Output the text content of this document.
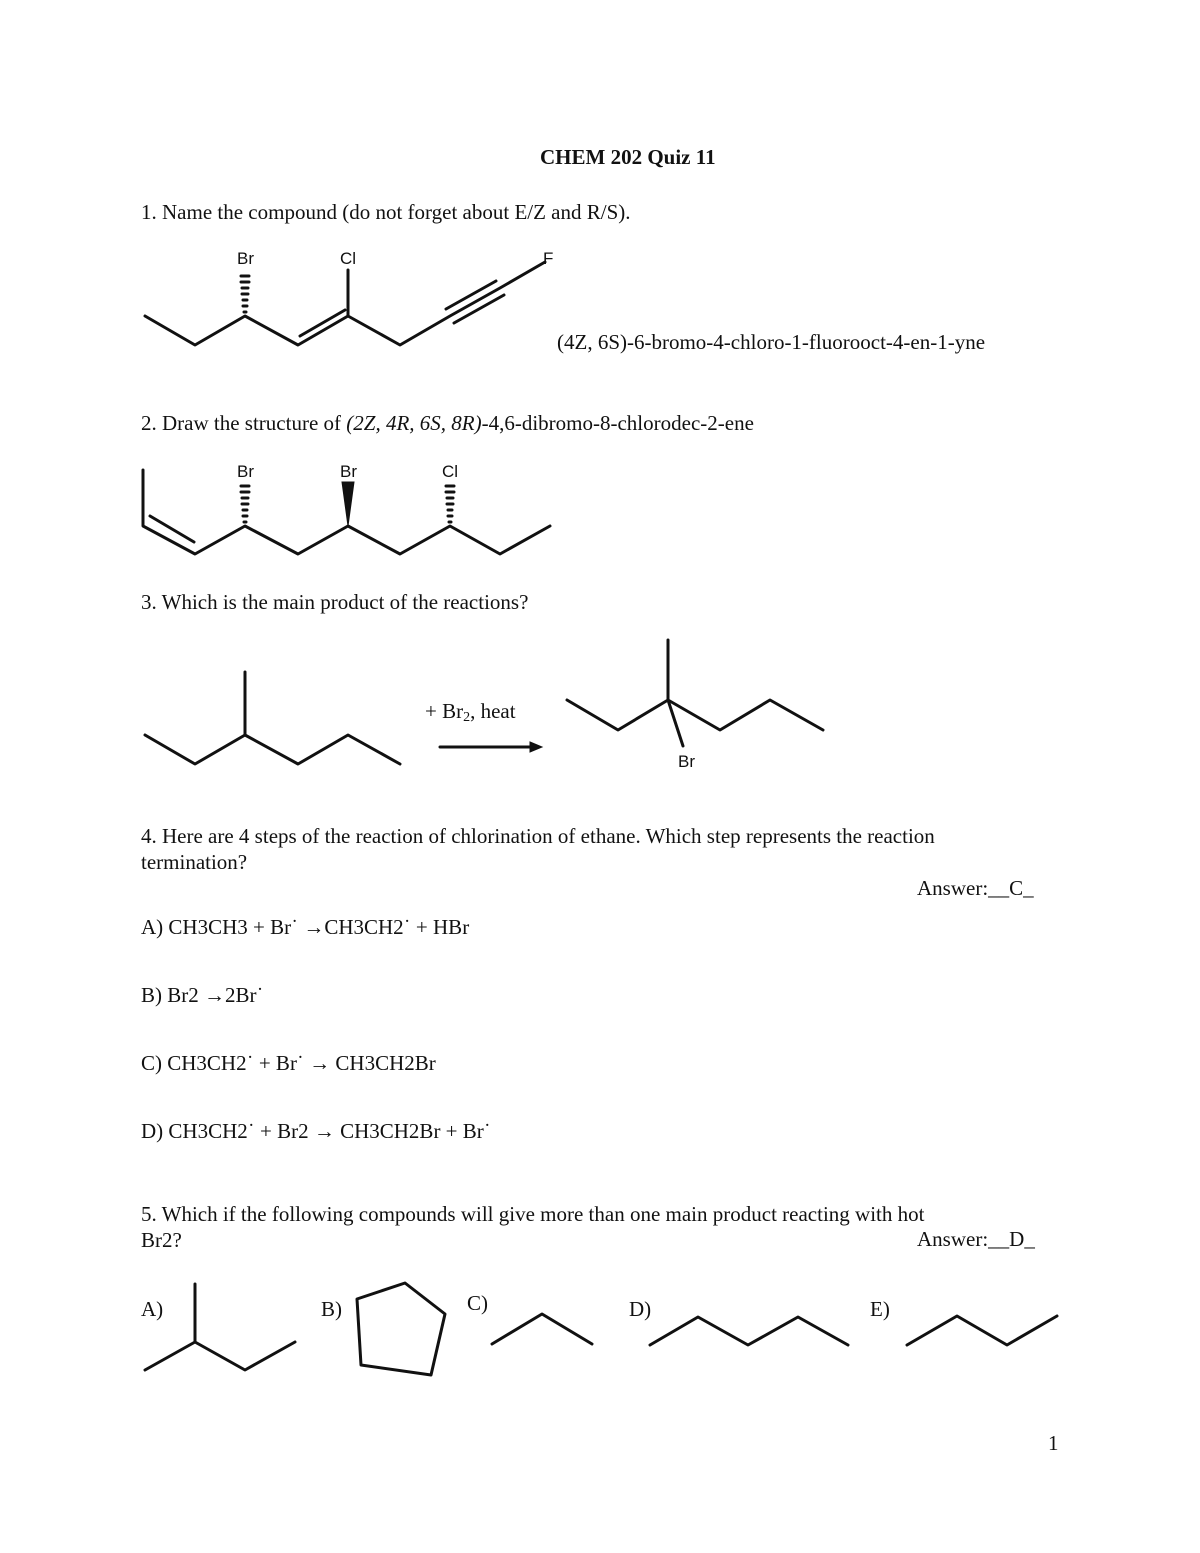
CHEM 202 Quiz 11
1. Name the compound (do not forget about E/Z and R/S).
Br	Cl	F
(4Z, 6S)-6-bromo-4-chloro-1-fluorooct-4-en-1-yne
2. Draw the structure of (2Z, 4R, 6S, 8R)-4,6-dibromo-8-chlorodec-2-ene
Br	Br	Cl
3. Which is the main product of the reactions?
+ $Br_2$, heat
Br
4. Here are 4 steps of the reaction of chlorination of ethane. Which step represents the reaction
termination?
Answer:__C_
A) CH3CH3 + Br˙ →CH3CH2˙ + HBr
B) Br2 →2Br˙
C) CH3CH2˙ + Br˙ → CH3CH2Br
D) CH3CH2˙ + Br2 → CH3CH2Br + Br˙
5. Which if the following compounds will give more than one main product reacting with hot
Br2?	Answer:__D_
A)	B)	C)	D)	E)
1
